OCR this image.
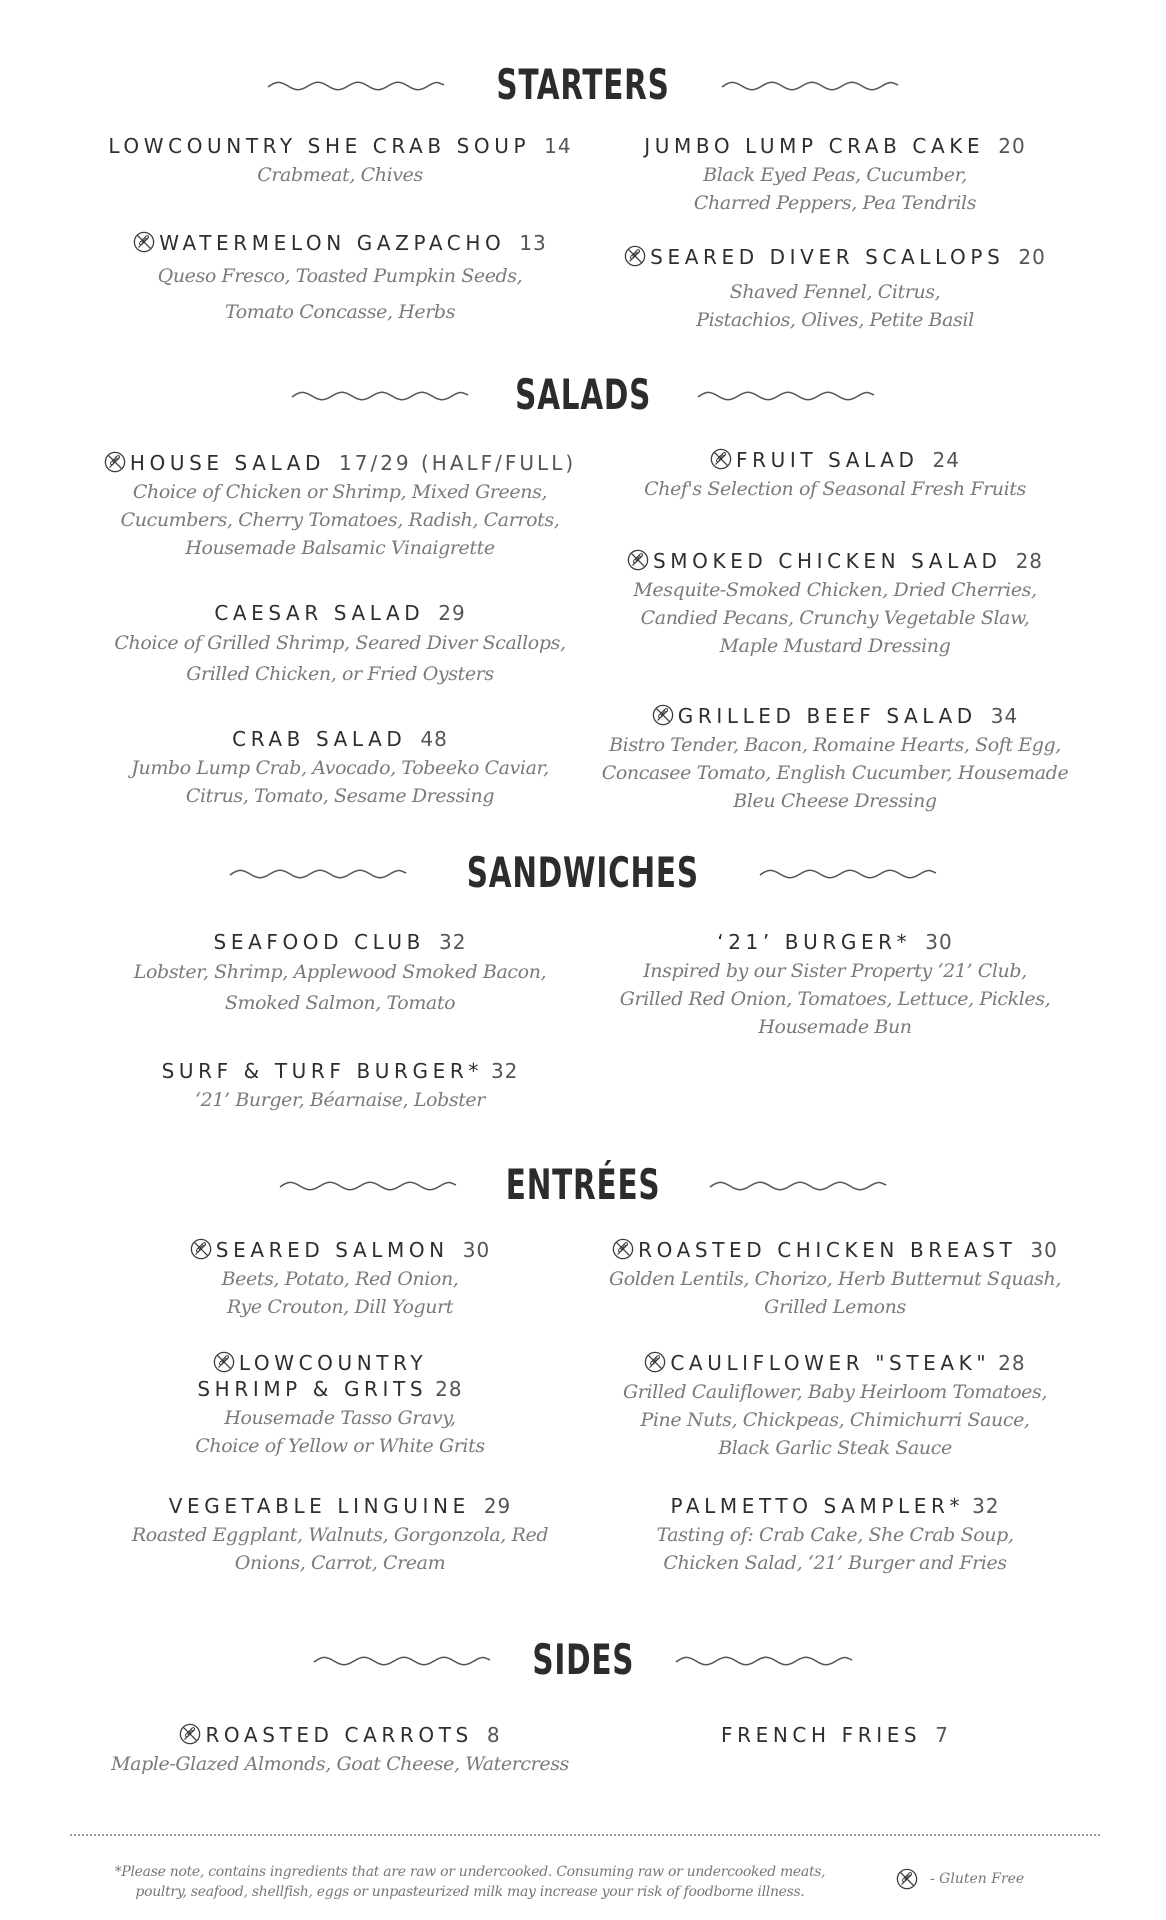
STARTERS
LOWCOUNTRY SHE CRAB SOUP 14
Crabmeat, Chives
JUMBO LUMP CRAB CAKE 20
Black Eyed Peas, Cucumber,
Charred Peppers, Pea Tendrils
WATERMELON GAZPACHO 13
Queso Fresco, Toasted Pumpkin Seeds,
Tomato Concasse, Herbs
SEARED DIVER SCALLOPS 20
Shaved Fennel, Citrus,
Pistachios, Olives, Petite Basil
SALADS
HOUSE SALAD 17/29 (HALF/FULL)
Choice of Chicken or Shrimp, Mixed Greens,
Cucumbers, Cherry Tomatoes, Radish, Carrots,
Housemade Balsamic Vinaigrette
FRUIT SALAD 24
Chef's Selection of Seasonal Fresh Fruits
CAESAR SALAD 29
Choice of Grilled Shrimp, Seared Diver Scallops,
Grilled Chicken, or Fried Oysters
SMOKED CHICKEN SALAD 28
Mesquite-Smoked Chicken, Dried Cherries,
Candied Pecans, Crunchy Vegetable Slaw,
Maple Mustard Dressing
CRAB SALAD 48
Jumbo Lump Crab, Avocado, Tobeeko Caviar,
Citrus, Tomato, Sesame Dressing
GRILLED BEEF SALAD 34
Bistro Tender, Bacon, Romaine Hearts, Soft Egg,
Concasee Tomato, English Cucumber, Housemade
Bleu Cheese Dressing
SANDWICHES
SEAFOOD CLUB 32
Lobster, Shrimp, Applewood Smoked Bacon,
Smoked Salmon, Tomato
‘21’ BURGER* 30
Inspired by our Sister Property ‘21’ Club,
Grilled Red Onion, Tomatoes, Lettuce, Pickles,
Housemade Bun
SURF & TURF BURGER* 32
‘21’ Burger, Béarnaise, Lobster
ENTRÉES
SEARED SALMON 30
Beets, Potato, Red Onion,
Rye Crouton, Dill Yogurt
ROASTED CHICKEN BREAST 30
Golden Lentils, Chorizo, Herb Butternut Squash,
Grilled Lemons
LOWCOUNTRY
SHRIMP & GRITS 28
Housemade Tasso Gravy,
Choice of Yellow or White Grits
CAULIFLOWER "STEAK" 28
Grilled Cauliflower, Baby Heirloom Tomatoes,
Pine Nuts, Chickpeas, Chimichurri Sauce,
Black Garlic Steak Sauce
VEGETABLE LINGUINE 29
Roasted Eggplant, Walnuts, Gorgonzola, Red
Onions, Carrot, Cream
PALMETTO SAMPLER* 32
Tasting of: Crab Cake, She Crab Soup,
Chicken Salad, ‘21’ Burger and Fries
SIDES
ROASTED CARROTS 8
Maple-Glazed Almonds, Goat Cheese, Watercress
FRENCH FRIES 7
*Please note, contains ingredients that are raw or undercooked. Consuming raw or undercooked meats,
poultry, seafood, shellfish, eggs or unpasteurized milk may increase your risk of foodborne illness.
- Gluten Free
